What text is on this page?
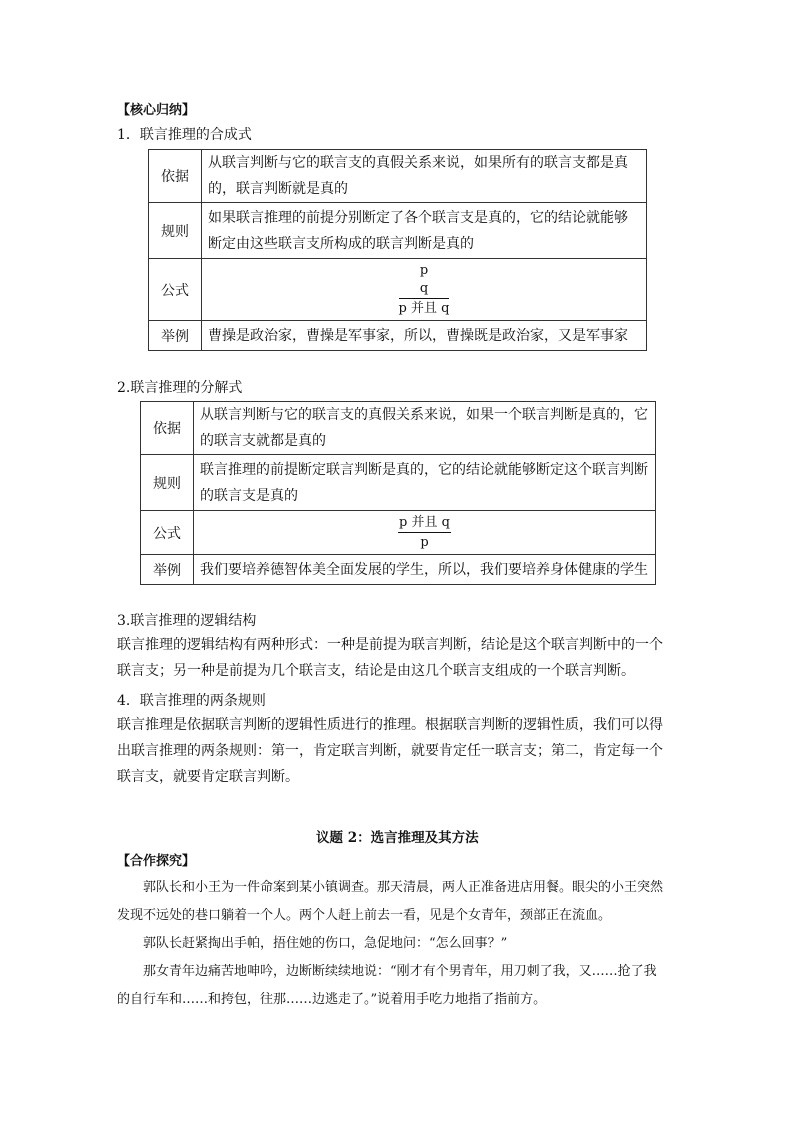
【核心归纳】
1．联言推理的合成式
依据	从联言判断与它的联言支的真假关系来说，如果所有的联言支都是真的，联言判断就是真的
规则	如果联言推理的前提分别断定了各个联言支是真的，它的结论就能够断定由这些联言支所构成的联言判断是真的
公式	p
q
p 并且 q

举例	曹操是政治家，曹操是军事家，所以，曹操既是政治家，又是军事家
2.联言推理的分解式
依据	从联言判断与它的联言支的真假关系来说，如果一个联言判断是真的，它的联言支就都是真的
规则	联言推理的前提断定联言判断是真的，它的结论就能够断定这个联言判断的联言支是真的
公式	p 并且 q
p

举例	我们要培养德智体美全面发展的学生，所以，我们要培养身体健康的学生
3.联言推理的逻辑结构
联言推理的逻辑结构有两种形式：一种是前提为联言判断，结论是这个联言判断中的一个联言支；另一种是前提为几个联言支，结论是由这几个联言支组成的一个联言判断。
4．联言推理的两条规则
联言推理是依据联言判断的逻辑性质进行的推理。根据联言判断的逻辑性质，我们可以得出联言推理的两条规则：第一，肯定联言判断，就要肯定任一联言支；第二，肯定每一个联言支，就要肯定联言判断。
议题 2：选言推理及其方法
【合作探究】
郭队长和小王为一件命案到某小镇调查。那天清晨，两人正准备进店用餐。眼尖的小王突然发现不远处的巷口躺着一个人。两个人赶上前去一看，见是个女青年，颈部正在流血。
郭队长赶紧掏出手帕，捂住她的伤口，急促地问：“怎么回事？”
那女青年边痛苦地呻吟，边断断续续地说：“刚才有个男青年，用刀刺了我，又……抢了我的自行车和……和挎包，往那……边逃走了。”说着用手吃力地指了指前方。
